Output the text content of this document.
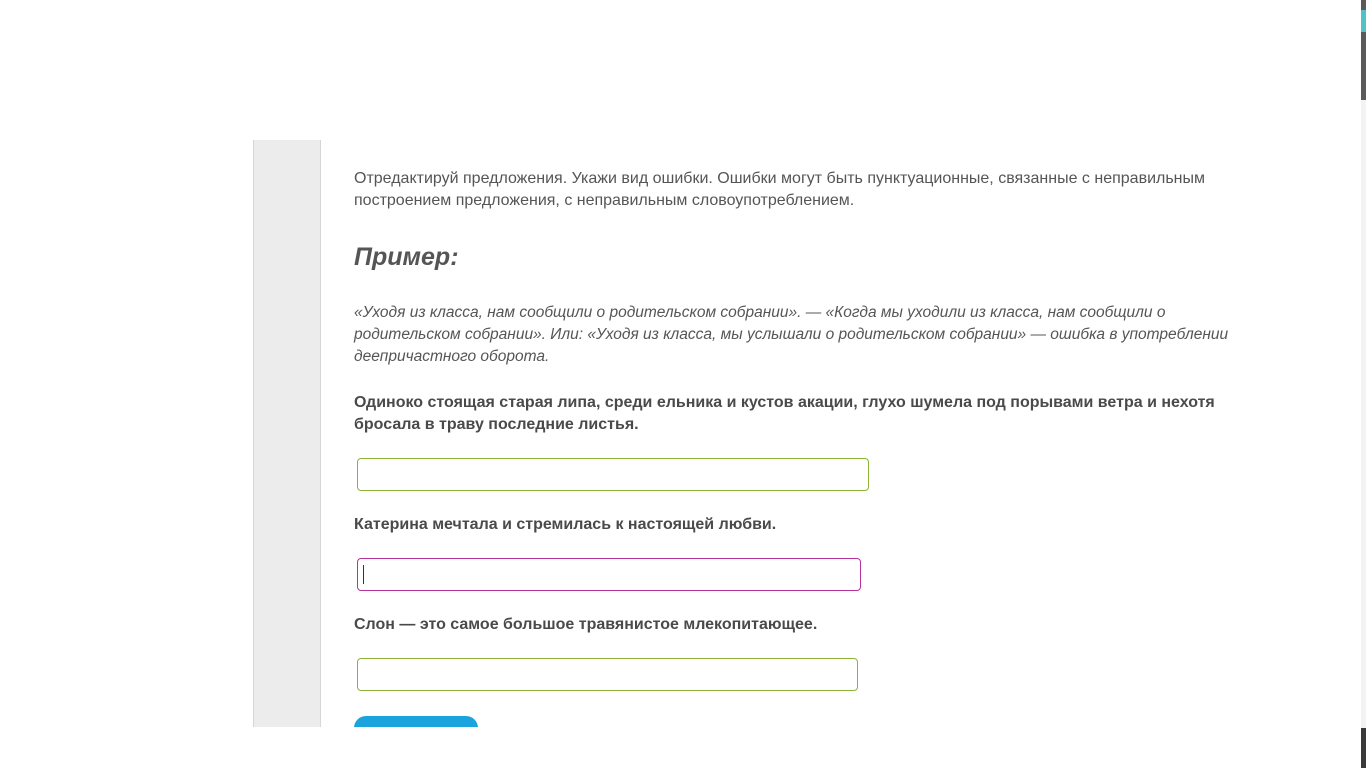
Отредактируй предложения. Укажи вид ошибки. Ошибки могут быть пунктуационные, связанные с неправильным построением предложения, с неправильным словоупотреблением.

Пример:

«Уходя из класса, нам сообщили о родительском собрании». — «Когда мы уходили из класса, нам сообщили о родительском собрании». Или: «Уходя из класса, мы услышали о родительском собрании» — ошибка в употреблении деепричастного оборота.

Одиноко стоящая старая липа, среди ельника и кустов акации, глухо шумела под порывами ветра и нехотя бросала в траву последние листья.

Катерина мечтала и стремилась к настоящей любви.

Слон — это самое большое травянистое млекопитающее.
